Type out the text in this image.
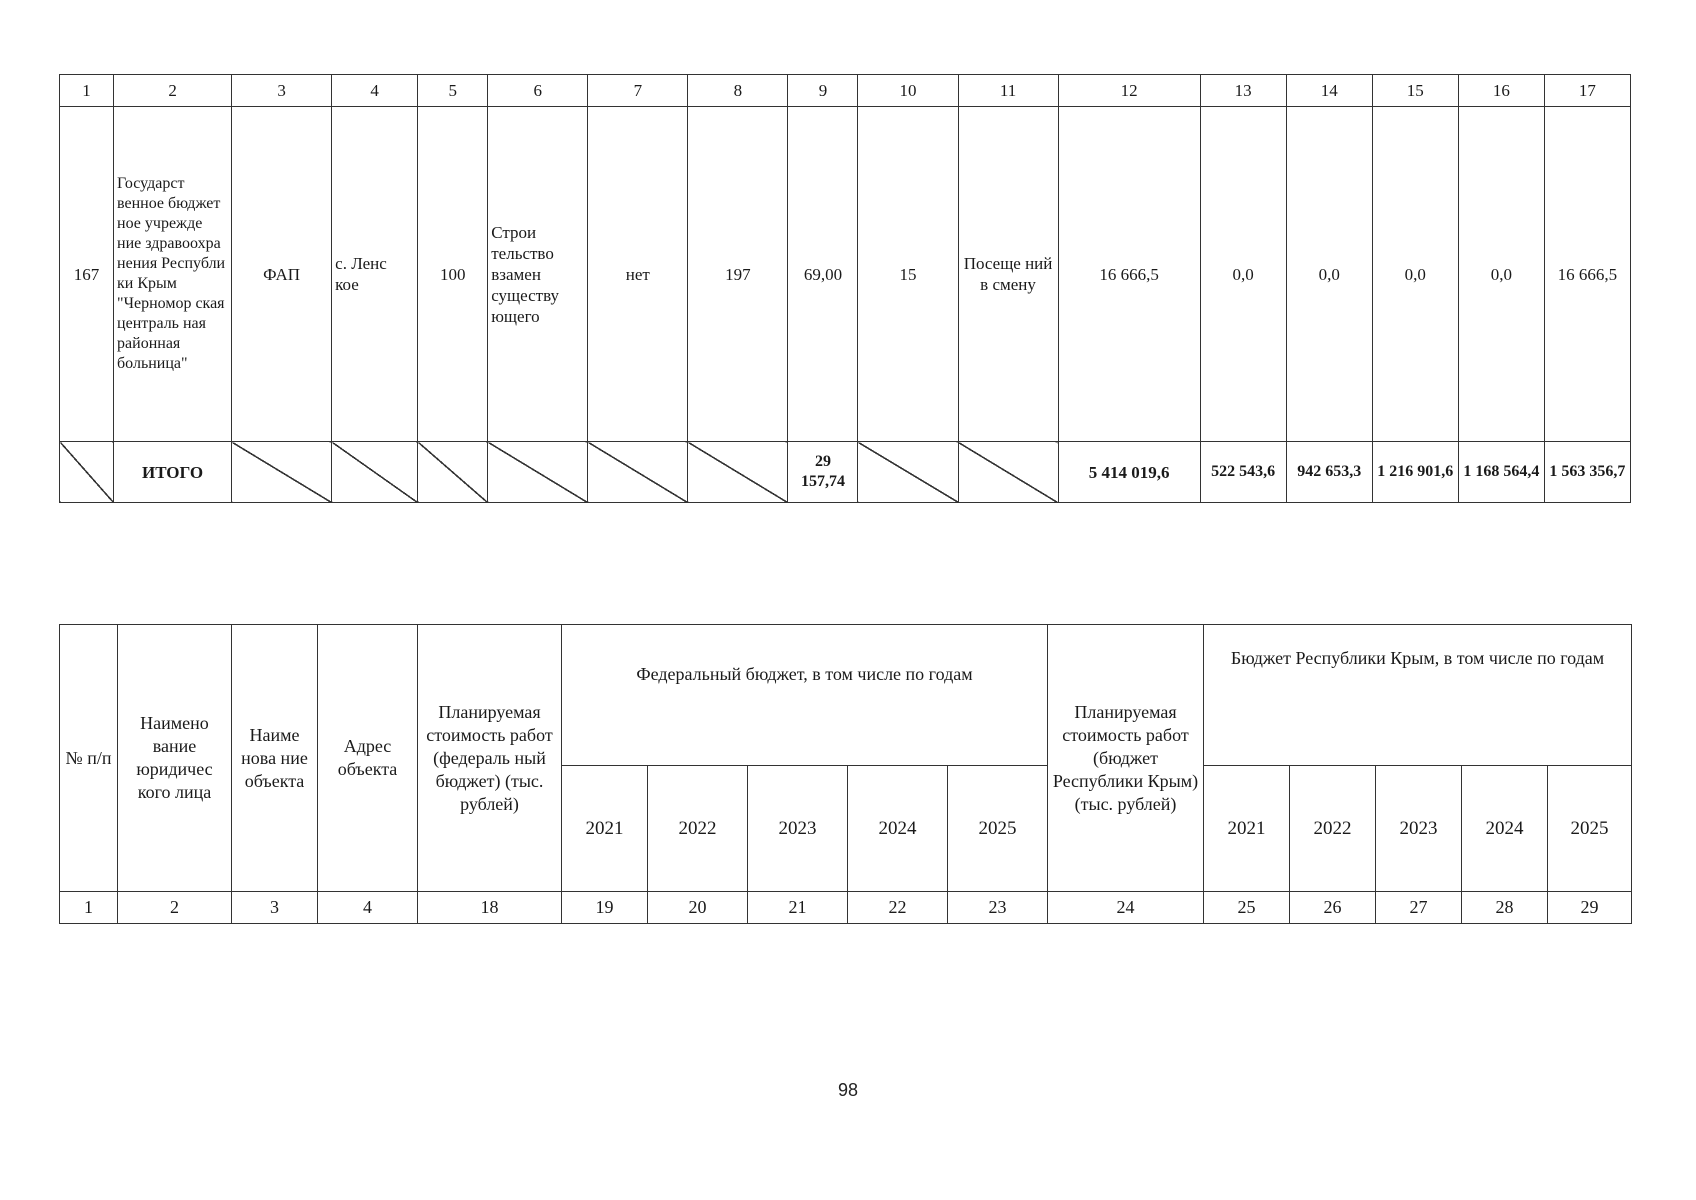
1	2	3	4	5	6	7	8	9	10	11	12	13	14	15	16	17
167	Государст венное бюджет ное учрежде ние здравоохра нения Республи ки Крым "Черномор ская централь ная районная больница"	ФАП	с. Ленс кое	100	Строи тельство взамен существу ющего	нет	197	69,00	15	Посеще ний в смену	16 666,5	0,0	0,0	0,0	0,0	16 666,5
	ИТОГО							29 157,74			5 414 019,6	522 543,6	942 653,3	1 216 901,6	1 168 564,4	1 563 356,7
№ п/п	Наимено вание юридичес кого лица	Наиме нова ние объекта	Адрес объекта	Планируемая стоимость работ (федераль ный бюджет) (тыс. рублей)	Федеральный бюджет, в том числе по годам					Планируемая стоимость работ (бюджет Республики Крым) (тыс. рублей)	Бюджет Республики Крым, в том числе по годам				
					2021	2022	2023	2024	2025		2021	2022	2023	2024	2025
1	2	3	4	18	19	20	21	22	23	24	25	26	27	28	29
98
